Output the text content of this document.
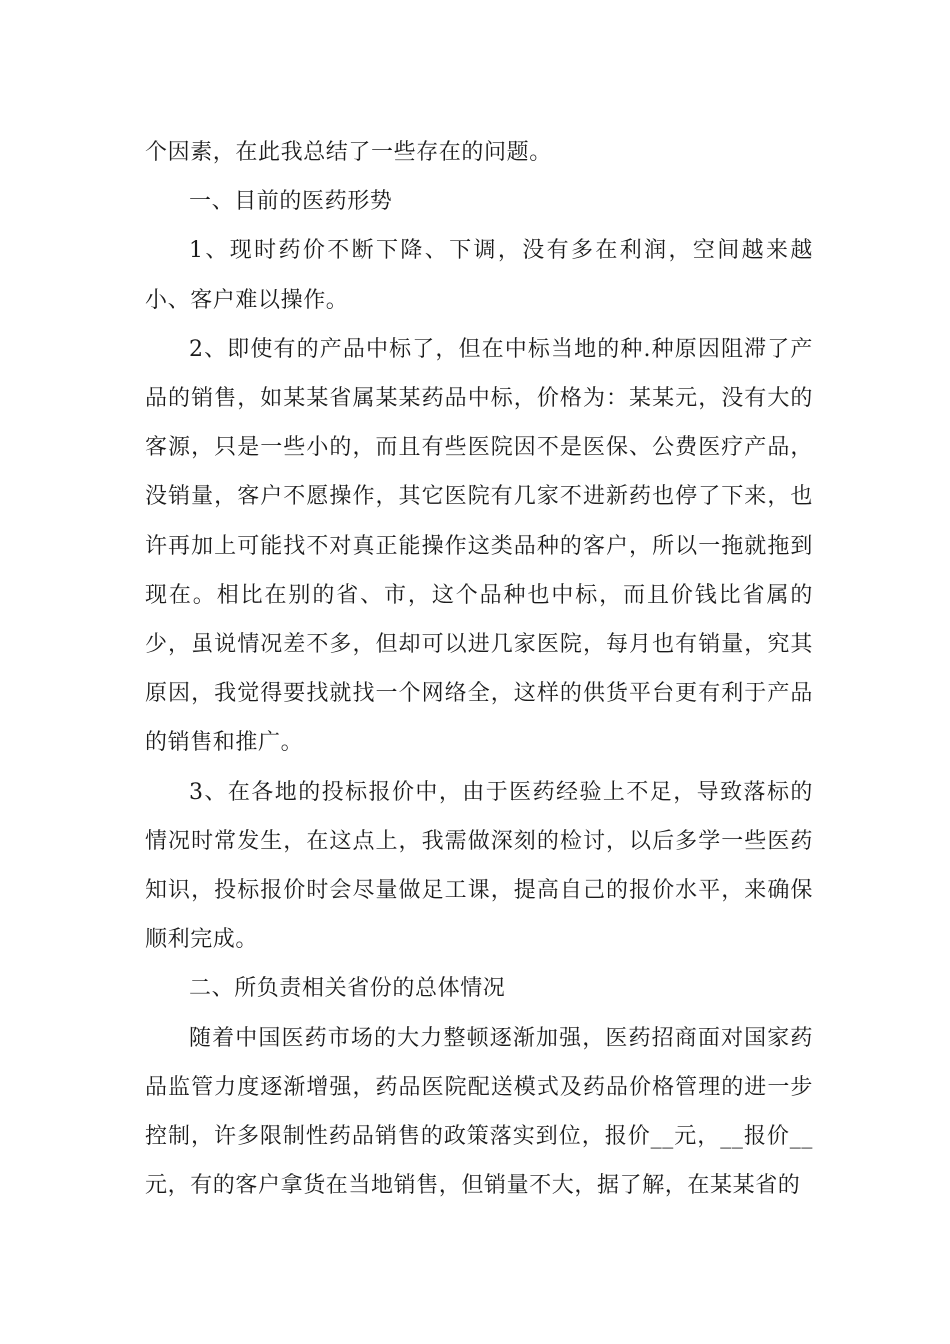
个因素，在此我总结了一些存在的问题。

一、目前的医药形势

1、现时药价不断下降、下调，没有多在利润，空间越来越小、客户难以操作。

2、即使有的产品中标了，但在中标当地的种.种原因阻滞了产品的销售，如某某省属某某药品中标，价格为：某某元，没有大的客源，只是一些小的，而且有些医院因不是医保、公费医疗产品，没销量，客户不愿操作，其它医院有几家不进新药也停了下来，也许再加上可能找不对真正能操作这类品种的客户，所以一拖就拖到现在。相比在别的省、市，这个品种也中标，而且价钱比省属的少，虽说情况差不多，但却可以进几家医院，每月也有销量，究其原因，我觉得要找就找一个网络全，这样的供货平台更有利于产品的销售和推广。

3、在各地的投标报价中，由于医药经验上不足，导致落标的情况时常发生，在这点上，我需做深刻的检讨，以后多学一些医药知识，投标报价时会尽量做足工课，提高自己的报价水平，来确保顺利完成。

二、所负责相关省份的总体情况

随着中国医药市场的大力整顿逐渐加强，医药招商面对国家药品监管力度逐渐增强，药品医院配送模式及药品价格管理的进一步控制，许多限制性药品销售的政策落实到位，报价__元，__报价__元，有的客户拿货在当地销售，但销量不大，据了解，在某某省的
